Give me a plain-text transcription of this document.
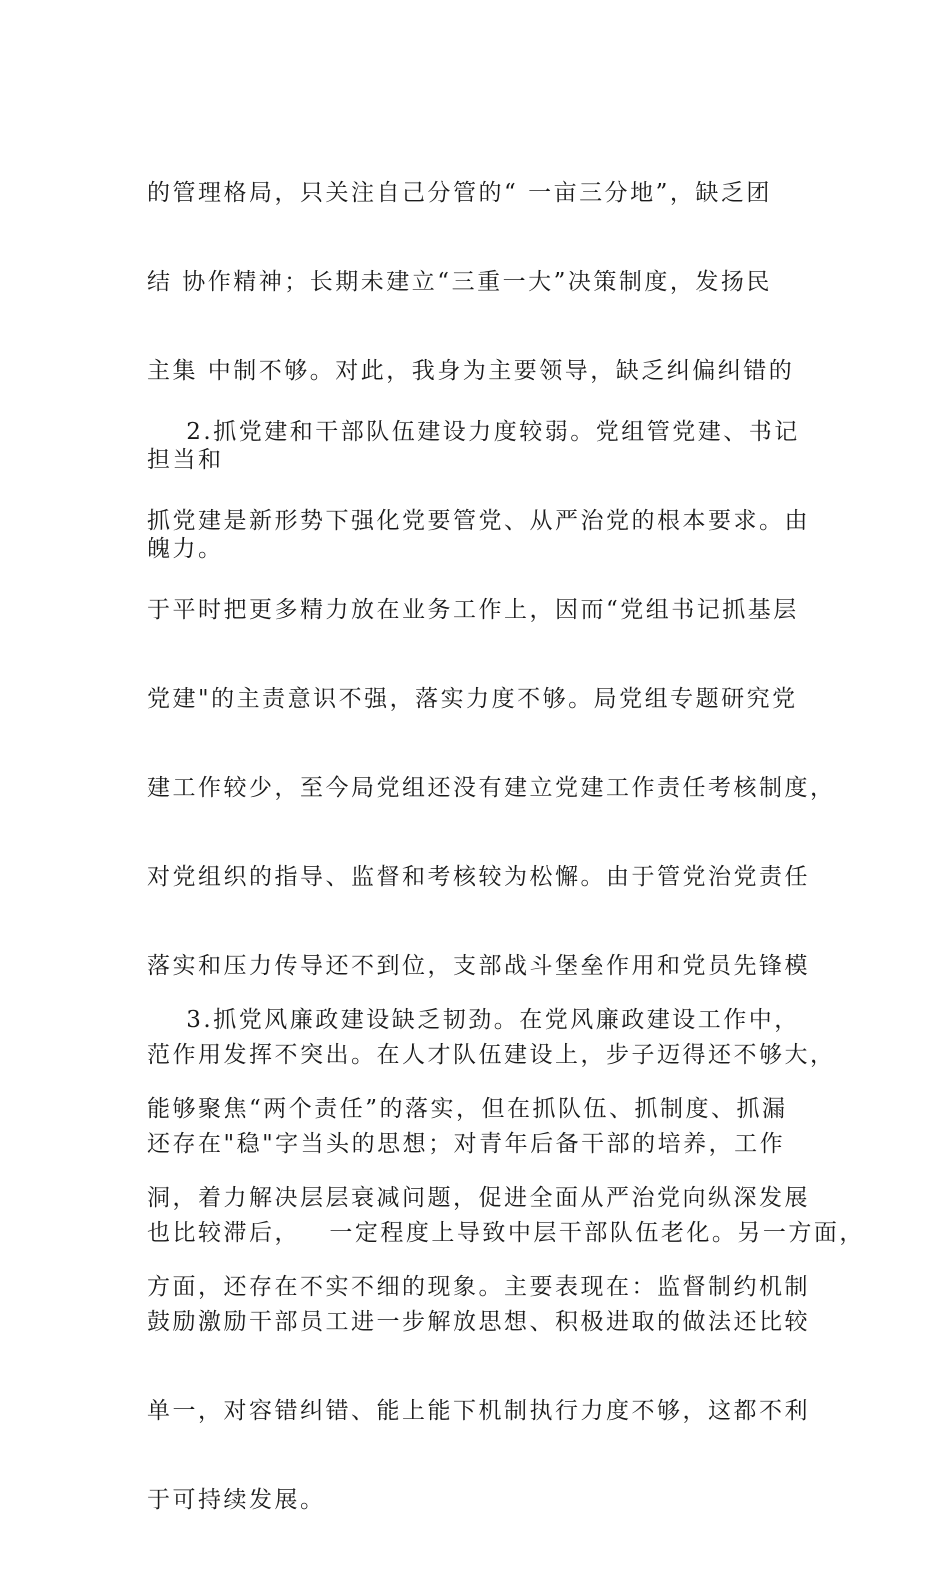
的管理格局，只关注自己分管的“ 一亩三分地”，缺乏团

结 协作精神；长期未建立“三重一大”决策制度，发扬民

主集 中制不够。对此，我身为主要领导，缺乏纠偏纠错的

担当和

魄力。

2.抓党建和干部队伍建设力度较弱。党组管党建、书记

抓党建是新形势下强化党要管党、从严治党的根本要求。由

于平时把更多精力放在业务工作上，因而“党组书记抓基层

党建"的主责意识不强，落实力度不够。局党组专题研究党

建工作较少，至今局党组还没有建立党建工作责任考核制度，

对党组织的指导、监督和考核较为松懈。由于管党治党责任

落实和压力传导还不到位，支部战斗堡垒作用和党员先锋模

范作用发挥不突出。在人才队伍建设上，步子迈得还不够大，

还存在"稳"字当头的思想；对青年后备干部的培养，工作

也比较滞后，   一定程度上导致中层干部队伍老化。另一方面，

鼓励激励干部员工进一步解放思想、积极进取的做法还比较

单一，对容错纠错、能上能下机制执行力度不够，这都不利

于可持续发展。

3.抓党风廉政建设缺乏韧劲。在党风廉政建设工作中，

能够聚焦“两个责任”的落实，但在抓队伍、抓制度、抓漏

洞，着力解决层层衰减问题，促进全面从严治党向纵深发展

方面，还存在不实不细的现象。主要表现在：监督制约机制
